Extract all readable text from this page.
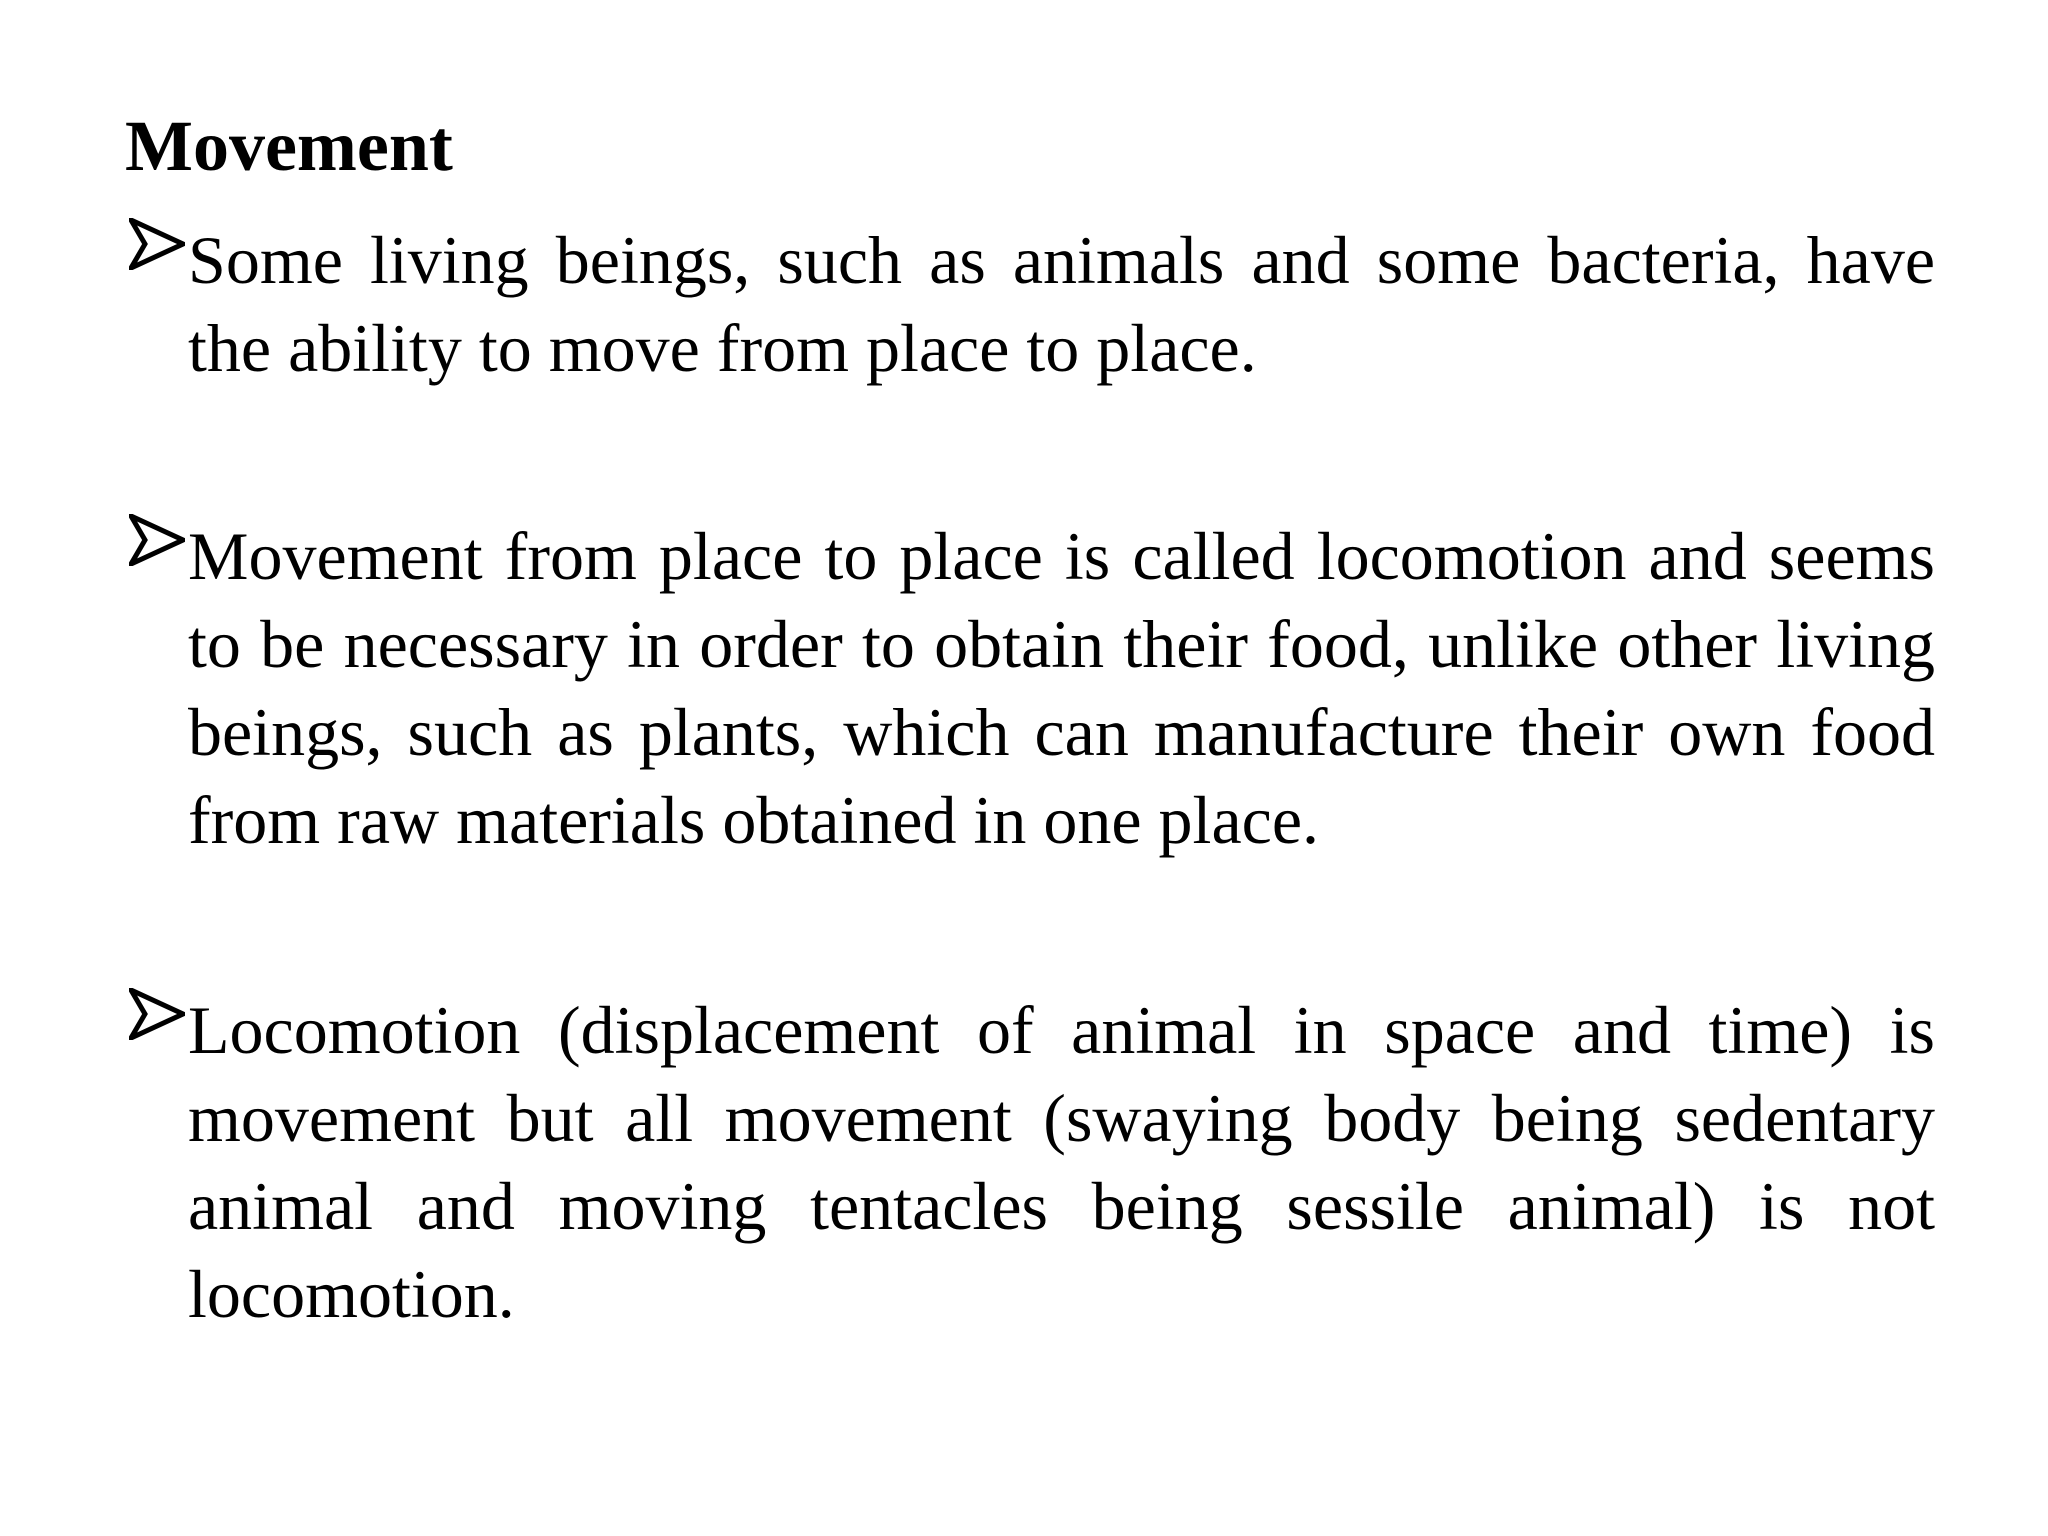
Movement

Some living beings, such as animals and some bacteria, have the ability to move from place to place.

Movement from place to place is called locomotion and seems to be necessary in order to obtain their food, unlike other living beings, such as plants, which can manufacture their own food from raw materials obtained in one place.

Locomotion (displacement of animal in space and time) is movement but all movement (swaying body being sedentary animal and moving tentacles being sessile animal) is not locomotion.
